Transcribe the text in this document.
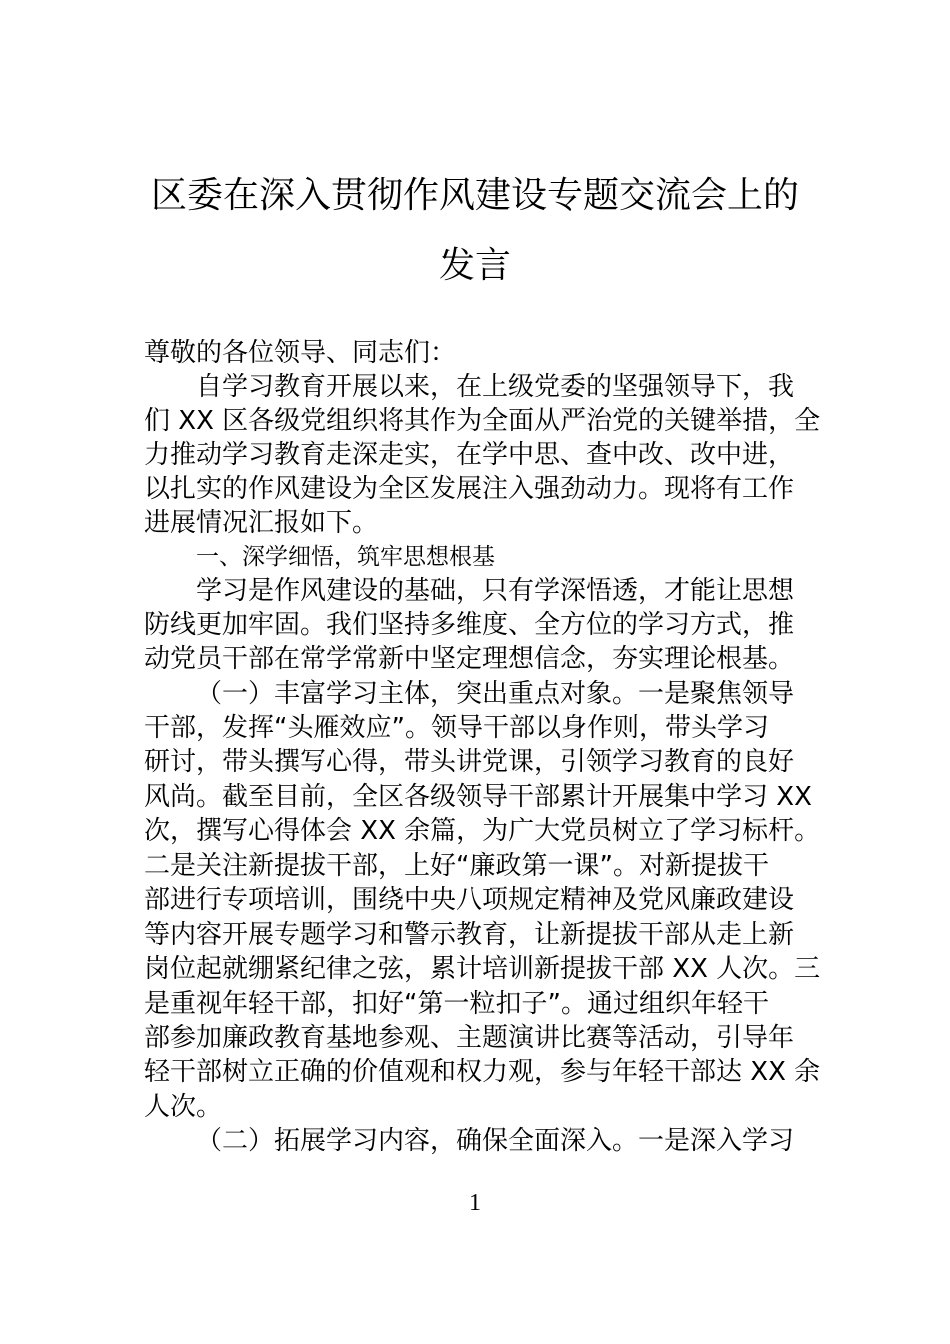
区委在深入贯彻作风建设专题交流会上的
发言
尊敬的各位领导、同志们：
自学习教育开展以来，在上级党委的坚强领导下，我
们 XX 区各级党组织将其作为全面从严治党的关键举措，全
力推动学习教育走深走实，在学中思、查中改、改中进，
以扎实的作风建设为全区发展注入强劲动力。现将有工作
进展情况汇报如下。
一、深学细悟，筑牢思想根基
学习是作风建设的基础，只有学深悟透，才能让思想
防线更加牢固。我们坚持多维度、全方位的学习方式，推
动党员干部在常学常新中坚定理想信念，夯实理论根基。
（一）丰富学习主体，突出重点对象。一是聚焦领导
干部，发挥“头雁效应”。领导干部以身作则，带头学习
研讨，带头撰写心得，带头讲党课，引领学习教育的良好
风尚。截至目前，全区各级领导干部累计开展集中学习 XX
次，撰写心得体会 XX 余篇，为广大党员树立了学习标杆。
二是关注新提拔干部，上好“廉政第一课”。对新提拔干
部进行专项培训，围绕中央八项规定精神及党风廉政建设
等内容开展专题学习和警示教育，让新提拔干部从走上新
岗位起就绷紧纪律之弦，累计培训新提拔干部 XX 人次。三
是重视年轻干部，扣好“第一粒扣子”。通过组织年轻干
部参加廉政教育基地参观、主题演讲比赛等活动，引导年
轻干部树立正确的价值观和权力观，参与年轻干部达 XX 余
人次。
（二）拓展学习内容，确保全面深入。一是深入学习
1
